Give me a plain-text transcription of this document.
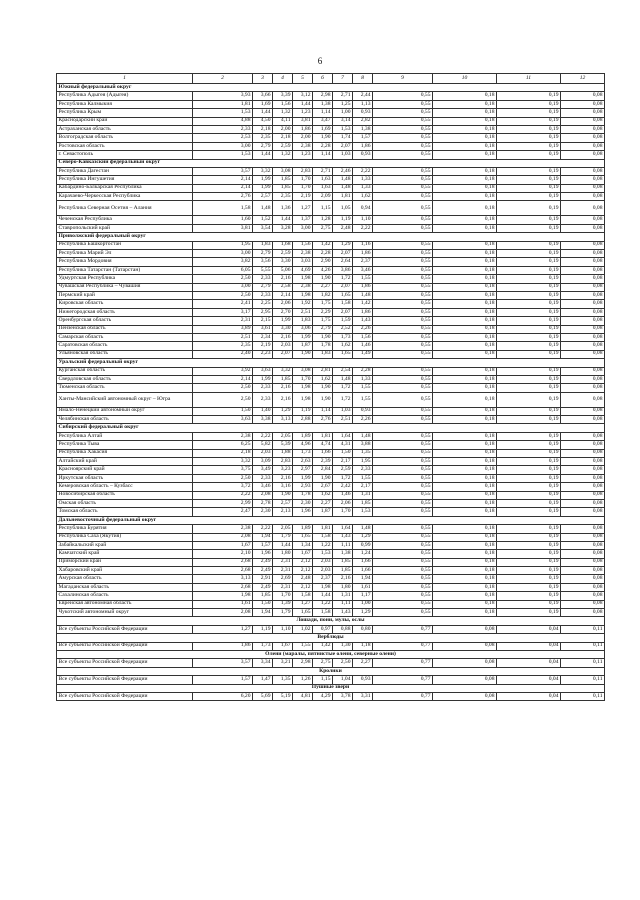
6
1	2	3	4	5	6	7	8	9	10	11	12
Южный федеральный округ											
Республика Адыгея (Адыгея)	3,93	3,66	3,39	3,12	2,98	2,71	2,44	0,55	0,18	0,19	0,08
Республика Калмыкия	1,81	1,69	1,56	1,44	1,38	1,25	1,13	0,55	0,18	0,19	0,08
Республика Крым	1,53	1,44	1,32	1,23	1,14	1,00	0,93	0,55	0,18	0,19	0,08
Краснодарский край	4,88	4,50	4,11	3,81	3,47	3,14	2,82	0,55	0,18	0,19	0,08
Астраханская область	2,33	2,18	2,00	1,86	1,69	1,53	1,38	0,55	0,18	0,19	0,08
Волгоградская область	2,53	2,35	2,18	2,00	1,90	1,74	1,57	0,55	0,18	0,19	0,08
Ростовская область	3,00	2,79	2,59	2,38	2,28	2,07	1,86	0,55	0,18	0,19	0,08
г. Севастополь	1,53	1,44	1,32	1,23	1,14	1,03	0,93	0,55	0,18	0,19	0,08
Северо-Кавказский федеральный округ											
Республика Дагестан	3,57	3,32	3,08	2,83	2,71	2,46	2,22	0,55	0,18	0,19	0,08
Республика Ингушетия	2,14	1,99	1,85	1,70	1,63	1,48	1,33	0,55	0,18	0,19	0,08
Кабардино-Балкарская Республика	2,14	1,99	1,85	1,70	1,63	1,48	1,33	0,55	0,18	0,19	0,08
Карачаево-Черкесская Республика	2,76	2,57	2,35	2,19	2,09	1,81	1,62	0,55	0,18	0,19	0,08
Республика Северная Осетия – Алания	1,58	1,48	1,36	1,27	1,15	1,05	0,94	0,55	0,18	0,19	0,08
Чеченская Республика	1,60	1,52	1,44	1,37	1,28	1,19	1,10	0,55	0,18	0,19	0,08
Ставропольский край	3,81	3,54	3,28	3,00	2,75	2,48	2,22	0,55	0,18	0,19	0,08
Приволжский федеральный округ											
Республика Башкортостан	1,95	1,83	1,68	1,56	1,42	1,29	1,16	0,55	0,18	0,19	0,08
Республика Марий Эл	3,00	2,79	2,59	2,38	2,28	2,07	1,86	0,55	0,18	0,19	0,08
Республика Мордовия	3,82	3,56	3,30	3,03	2,90	2,64	2,37	0,55	0,18	0,19	0,08
Республика Татарстан (Татарстан)	6,05	5,55	5,06	4,69	4,26	3,86	3,46	0,55	0,18	0,19	0,08
Удмуртская Республика	2,50	2,33	2,16	1,98	1,90	1,72	1,55	0,55	0,18	0,19	0,08
Чувашская Республика – Чувашия	3,00	2,79	2,58	2,38	2,27	2,07	1,86	0,55	0,18	0,19	0,08
Пермский край	2,50	2,33	2,14	1,98	1,82	1,65	1,48	0,55	0,18	0,19	0,08
Кировская область	2,41	2,25	2,06	1,92	1,75	1,58	1,42	0,55	0,18	0,19	0,08
Нижегородская область	3,17	2,95	2,70	2,51	2,29	2,07	1,86	0,55	0,18	0,19	0,08
Оренбургская область	2,31	2,15	1,99	1,83	1,75	1,59	1,43	0,55	0,18	0,19	0,08
Пензенская область	3,89	3,61	3,30	3,06	2,79	2,52	2,26	0,55	0,18	0,19	0,08
Самарская область	2,51	2,34	2,16	1,99	1,90	1,73	1,56	0,55	0,18	0,19	0,08
Саратовская область	2,35	2,19	2,03	1,87	1,78	1,62	1,46	0,55	0,18	0,19	0,08
Ульяновская область	2,40	2,23	2,07	1,90	1,83	1,65	1,49	0,55	0,18	0,19	0,08
Уральский федеральный округ											
Курганская область	3,92	3,63	3,32	3,08	2,81	2,54	2,28	0,55	0,18	0,19	0,08
Свердловская область	2,14	1,99	1,85	1,70	1,62	1,48	1,33	0,55	0,18	0,19	0,08
Тюменская область	2,50	2,33	2,16	1,98	1,90	1,72	1,55	0,55	0,18	0,19	0,08
Ханты-Мансийский автономный округ – Югра	2,50	2,33	2,16	1,98	1,90	1,72	1,55	0,55	0,18	0,19	0,08
Ямало-Ненецкий автономный округ	1,50	1,40	1,29	1,19	1,14	1,03	0,93	0,55	0,18	0,19	0,08
Челябинская область	3,63	3,38	3,13	2,88	2,76	2,51	2,26	0,55	0,18	0,19	0,08
Сибирский федеральный округ											
Республика Алтай	2,38	2,22	2,05	1,89	1,81	1,64	1,48	0,55	0,18	0,19	0,08
Республика Тыва	6,25	5,82	5,39	4,96	4,74	4,31	3,88	0,55	0,18	0,19	0,08
Республика Хакасия	2,18	2,03	1,88	1,73	1,66	1,50	1,35	0,55	0,18	0,19	0,08
Алтайский край	3,32	3,09	2,83	2,63	2,39	2,17	1,95	0,55	0,18	0,19	0,08
Красноярский край	3,75	3,49	3,23	2,97	2,84	2,59	2,33	0,55	0,18	0,19	0,08
Иркутская область	2,50	2,33	2,16	1,99	1,90	1,72	1,55	0,55	0,18	0,19	0,08
Кемеровская область – Кузбасс	3,72	3,46	3,16	2,93	2,67	2,42	2,17	0,55	0,18	0,19	0,08
Новосибирская область	2,22	2,08	1,90	1,78	1,62	1,46	1,31	0,55	0,18	0,19	0,08
Омская область	2,99	2,78	2,57	2,30	2,27	2,06	1,85	0,55	0,18	0,19	0,08
Томская область	2,47	2,30	2,13	1,96	1,87	1,70	1,53	0,55	0,18	0,19	0,08
Дальневосточный федеральный округ											
Республика Бурятия	2,38	2,22	2,05	1,89	1,81	1,64	1,48	0,55	0,18	0,19	0,08
Республика Саха (Якутия)	2,08	1,94	1,79	1,65	1,58	1,43	1,29	0,55	0,18	0,19	0,08
Забайкальский край	1,67	1,57	1,44	1,34	1,22	1,11	0,99	0,55	0,18	0,19	0,08
Камчатский край	2,10	1,96	1,80	1,67	1,53	1,38	1,24	0,55	0,18	0,19	0,08
Приморский край	2,68	2,49	2,31	2,12	2,03	1,85	1,66	0,55	0,18	0,19	0,08
Хабаровский край	2,68	2,49	2,31	2,12	2,03	1,85	1,66	0,55	0,18	0,19	0,08
Амурская область	3,13	2,91	2,69	2,48	2,37	2,16	1,94	0,55	0,18	0,19	0,08
Магаданская область	2,68	2,49	2,31	2,12	1,98	1,80	1,61	0,55	0,18	0,19	0,08
Сахалинская область	1,98	1,85	1,70	1,58	1,44	1,31	1,17	0,55	0,18	0,19	0,08
Еврейская автономная область	1,61	1,50	1,39	1,27	1,22	1,11	1,00	0,55	0,18	0,19	0,08
Чукотский автономный округ	2,08	1,94	1,79	1,65	1,58	1,43	1,29	0,55	0,18	0,19	0,08
Лошади, пони, мулы, ослы											
Все субъекты Российской Федерации	1,27	1,19	1,10	1,02	0,97	0,88	0,80	0,77	0,08	0,04	0,11
Верблюды											
Все субъекты Российской Федерации	1,86	1,73	1,67	1,55	1,42	1,30	1,18	0,77	0,08	0,04	0,11
Олени (маралы, пятнистые олени, северные олени)											
Все субъекты Российской Федерации	3,57	3,34	3,21	2,98	2,75	2,50	2,27	0,77	0,08	0,04	0,11
Кролики											
Все субъекты Российской Федерации	1,57	1,47	1,35	1,26	1,15	1,04	0,93	0,77	0,08	0,04	0,11
Пушные звери											
Все субъекты Российской Федерации	6,20	5,69	5,19	4,81	4,29	3,78	3,31	0,77	0,08	0,04	0,11
